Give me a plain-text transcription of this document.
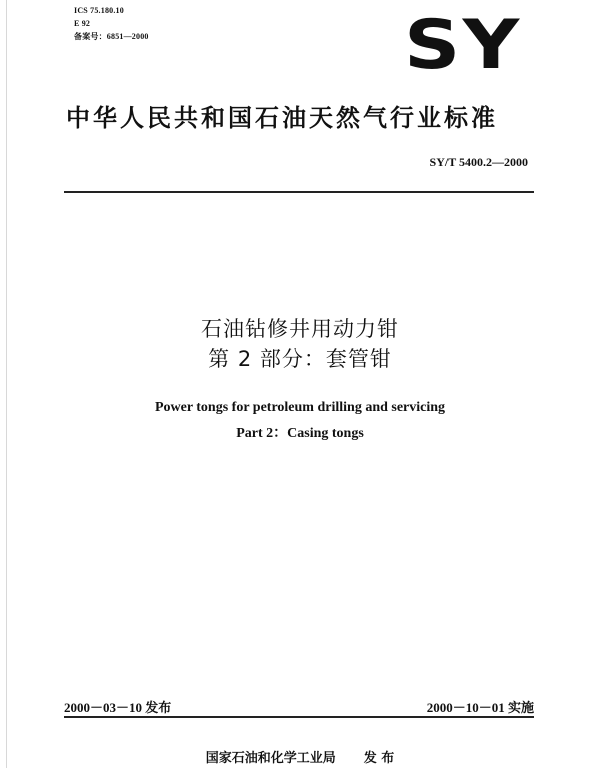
ICS 75.180.10
E 92
备案号：6851—2000	SY
中华人民共和国石油天然气行业标准
SY/T 5400.2—2000
石油钻修井用动力钳
第 2 部分：套管钳
Power tongs for petroleum drilling and servicing
Part 2：Casing tongs
2000－03－10 发布	2000－10－01 实施
国家石油和化学工业局 发 布
